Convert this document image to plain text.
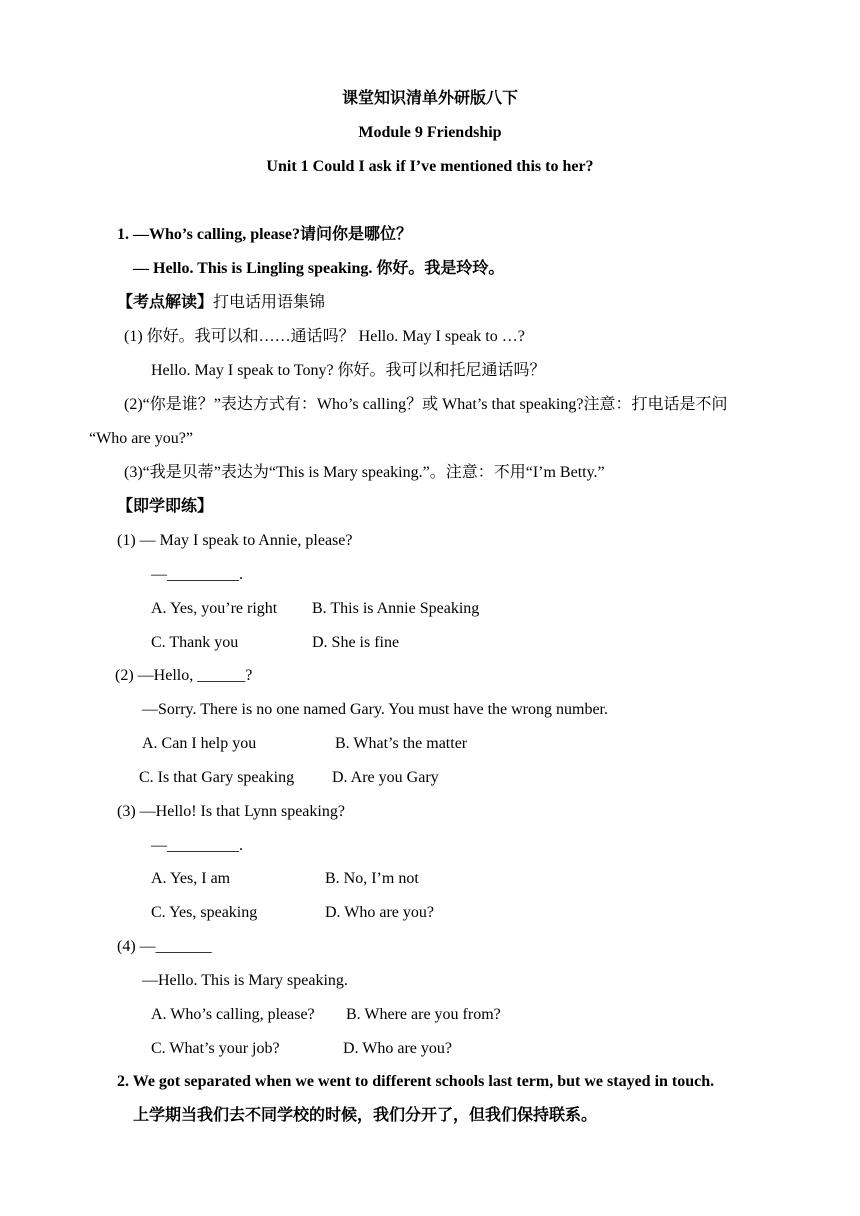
课堂知识清单外研版八下
Module 9 Friendship
Unit 1 Could I ask if I’ve mentioned this to her?
1. —Who’s calling, please?请问你是哪位？
— Hello. This is Lingling speaking. 你好。我是玲玲。
【考点解读】打电话用语集锦
(1) 你好。我可以和……通话吗？ Hello. May I speak to …?
Hello. May I speak to Tony? 你好。我可以和托尼通话吗？
(2)“你是谁？”表达方式有：Who’s calling？或 What’s that speaking?注意：打电话是不问
“Who are you?”
(3)“我是贝蒂”表达为“This is Mary speaking.”。注意：不用“I’m Betty.”
【即学即练】
(1) — May I speak to Annie, please?
—_________.
A. Yes, you’re right B. This is Annie Speaking
C. Thank you	D. She is fine
(2) —Hello, ______?
—Sorry. There is no one named Gary. You must have the wrong number.
A. Can I help you	B. What’s the matter
C. Is that Gary speaking D. Are you Gary
(3) —Hello! Is that Lynn speaking?
—_________.
A. Yes, I am	B. No, I’m not
C. Yes, speaking	D. Who are you?
(4) —_______
—Hello. This is Mary speaking.
A. Who’s calling, please? B. Where are you from?
C. What’s your job?	D. Who are you?
2. We got separated when we went to different schools last term, but we stayed in touch.
上学期当我们去不同学校的时候，我们分开了，但我们保持联系。
